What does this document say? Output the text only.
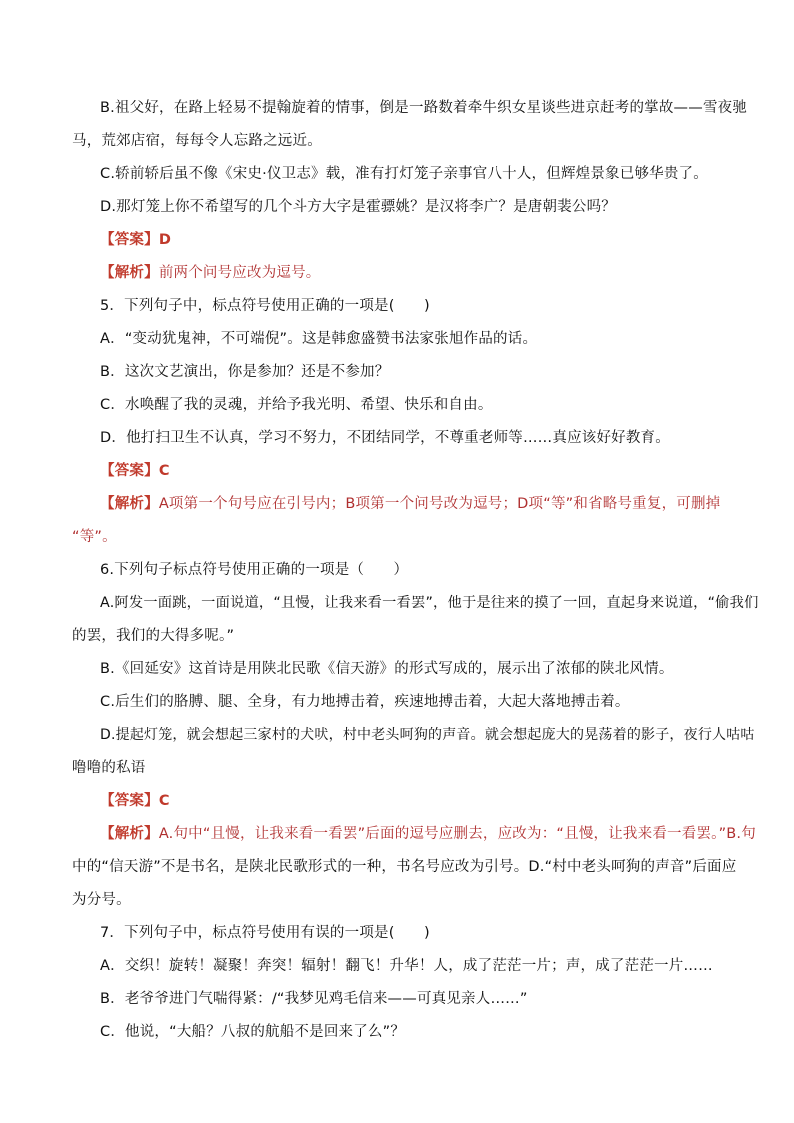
B.祖父好，在路上轻易不提翰旋着的情事，倒是一路数着牵牛织女星谈些进京赶考的掌故——雪夜驰
马，荒郊店宿，每每令人忘路之远近。
C.轿前轿后虽不像《宋史·仪卫志》载，准有打灯笼子亲事官八十人，但辉煌景象已够华贵了。
D.那灯笼上你不希望写的几个斗方大字是霍骠姚？是汉将李广？是唐朝裴公吗？
【答案】D
【解析】前两个问号应改为逗号。
5．下列句子中，标点符号使用正确的一项是(　　)
A．“变动犹鬼神，不可端倪”。这是韩愈盛赞书法家张旭作品的话。
B．这次文艺演出，你是参加？还是不参加？
C．水唤醒了我的灵魂，并给予我光明、希望、快乐和自由。
D．他打扫卫生不认真，学习不努力，不团结同学，不尊重老师等……真应该好好教育。
【答案】C
【解析】A项第一个句号应在引号内；B项第一个问号改为逗号；D项“等”和省略号重复，可删掉
“等”。
6.下列句子标点符号使用正确的一项是（　　）
A.阿发一面跳，一面说道，“且慢，让我来看一看罢”，他于是往来的摸了一回，直起身来说道，“偷我们
的罢，我们的大得多呢。”
B.《回延安》这首诗是用陕北民歌《信天游》的形式写成的，展示出了浓郁的陕北风情。
C.后生们的胳膊、腿、全身，有力地搏击着，疾速地搏击着，大起大落地搏击着。
D.提起灯笼，就会想起三家村的犬吠，村中老头呵狗的声音。就会想起庞大的晃荡着的影子，夜行人咕咕
噜噜的私语
【答案】C
【解析】A.句中“且慢，让我来看一看罢”后面的逗号应删去，应改为：“且慢，让我来看一看罢。”B.句
中的“信天游”不是书名，是陕北民歌形式的一种，书名号应改为引号。D.“村中老头呵狗的声音”后面应
为分号。
7．下列句子中，标点符号使用有误的一项是(　　)
A．交织！旋转！凝聚！奔突！辐射！翻飞！升华！人，成了茫茫一片；声，成了茫茫一片……
B．老爷爷进门气喘得紧：/“我梦见鸡毛信来——可真见亲人……”
C．他说，“大船？八叔的航船不是回来了么”？
